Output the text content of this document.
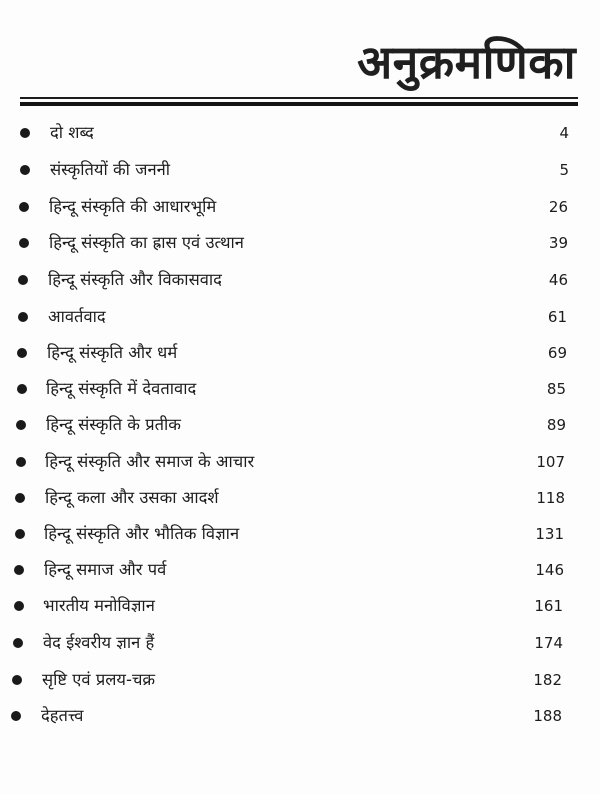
अनुक्रमणिका
दो शब्द	4
संस्कृतियों की जननी	5
हिन्दू संस्कृति की आधारभूमि	26
हिन्दू संस्कृति का ह्रास एवं उत्थान	39
हिन्दू संस्कृति और विकासवाद	46
आवर्तवाद	61
हिन्दू संस्कृति और धर्म	69
हिन्दू संस्कृति में देवतावाद	85
हिन्दू संस्कृति के प्रतीक	89
हिन्दू संस्कृति और समाज के आचार	107
हिन्दू कला और उसका आदर्श	118
हिन्दू संस्कृति और भौतिक विज्ञान	131
हिन्दू समाज और पर्व	146
भारतीय मनोविज्ञान	161
वेद ईश्वरीय ज्ञान हैं	174
सृष्टि एवं प्रलय-चक्र	182
देहतत्त्व	188
